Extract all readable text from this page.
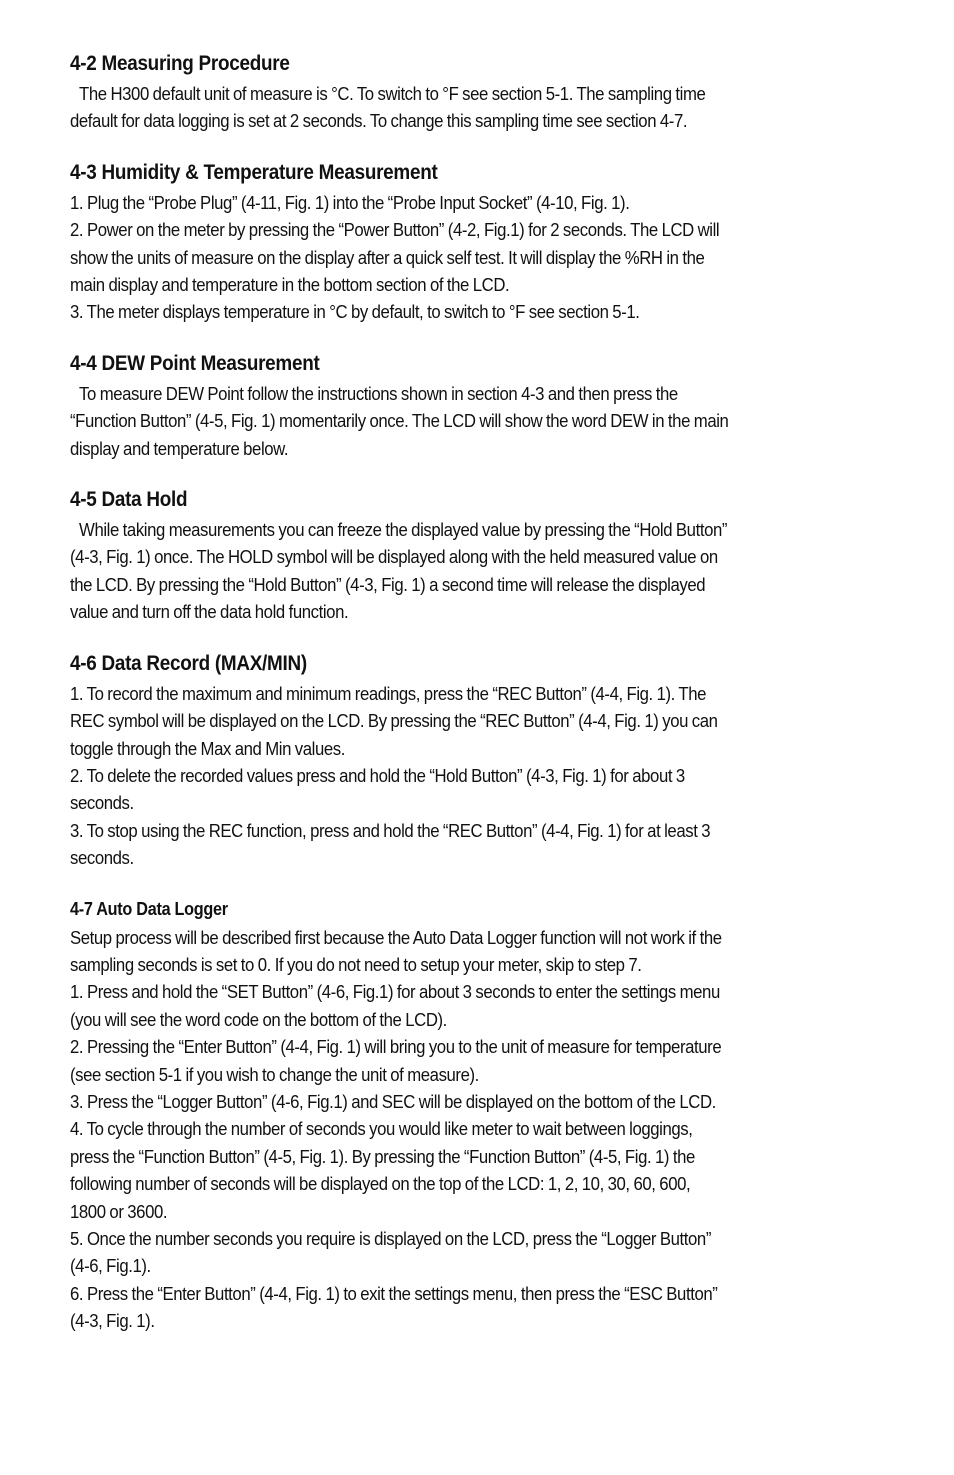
4-2 Measuring Procedure

The H300 default unit of measure is °C. To switch to °F see section 5-1. The sampling time

default for data logging is set at 2 seconds. To change this sampling time see section 4-7.

4-3 Humidity & Temperature Measurement

1. Plug the “Probe Plug” (4-11, Fig. 1) into the “Probe Input Socket” (4-10, Fig. 1).

2. Power on the meter by pressing the “Power Button” (4-2, Fig.1) for 2 seconds. The LCD will

show the units of measure on the display after a quick self test. It will display the %RH in the

main display and temperature in the bottom section of the LCD.

3. The meter displays temperature in °C by default, to switch to °F see section 5-1.

4-4 DEW Point Measurement

To measure DEW Point follow the instructions shown in section 4-3 and then press the

“Function Button” (4-5, Fig. 1) momentarily once. The LCD will show the word DEW in the main

display and temperature below.

4-5 Data Hold

While taking measurements you can freeze the displayed value by pressing the “Hold Button”

(4-3, Fig. 1) once. The HOLD symbol will be displayed along with the held measured value on

the LCD. By pressing the “Hold Button” (4-3, Fig. 1) a second time will release the displayed

value and turn off the data hold function.

4-6 Data Record (MAX/MIN)

1. To record the maximum and minimum readings, press the “REC Button” (4-4, Fig. 1). The

REC symbol will be displayed on the LCD. By pressing the “REC Button” (4-4, Fig. 1) you can

toggle through the Max and Min values.

2. To delete the recorded values press and hold the “Hold Button” (4-3, Fig. 1) for about 3

seconds.

3. To stop using the REC function, press and hold the “REC Button” (4-4, Fig. 1) for at least 3

seconds.

4-7 Auto Data Logger

Setup process will be described first because the Auto Data Logger function will not work if the

sampling seconds is set to 0. If you do not need to setup your meter, skip to step 7.

1. Press and hold the “SET Button” (4-6, Fig.1) for about 3 seconds to enter the settings menu

(you will see the word code on the bottom of the LCD).

2. Pressing the “Enter Button” (4-4, Fig. 1) will bring you to the unit of measure for temperature

(see section 5-1 if you wish to change the unit of measure).

3. Press the “Logger Button” (4-6, Fig.1) and SEC will be displayed on the bottom of the LCD.

4. To cycle through the number of seconds you would like meter to wait between loggings,

press the “Function Button” (4-5, Fig. 1). By pressing the “Function Button” (4-5, Fig. 1) the

following number of seconds will be displayed on the top of the LCD: 1, 2, 10, 30, 60, 600,

1800 or 3600.

5. Once the number seconds you require is displayed on the LCD, press the “Logger Button”

(4-6, Fig.1).

6. Press the “Enter Button” (4-4, Fig. 1) to exit the settings menu, then press the “ESC Button”

(4-3, Fig. 1).
